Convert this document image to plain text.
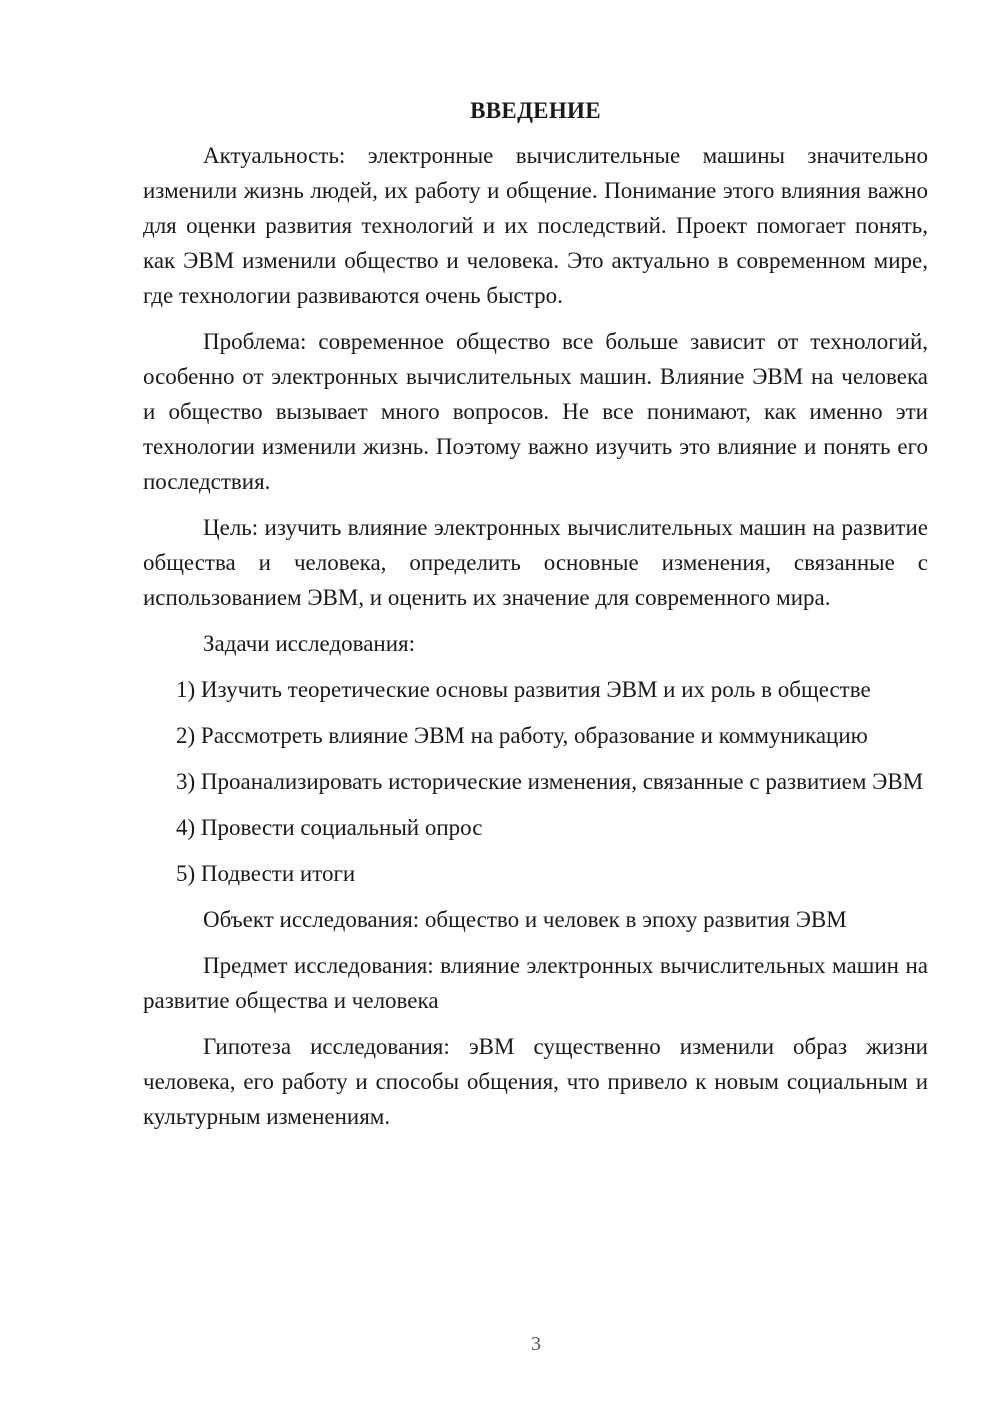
ВВЕДЕНИЕ

Актуальность: электронные вычислительные машины значительно изменили жизнь людей, их работу и общение. Понимание этого влияния важно для оценки развития технологий и их последствий. Проект помогает понять, как ЭВМ изменили общество и человека. Это актуально в современном мире, где технологии развиваются очень быстро.

Проблема: современное общество все больше зависит от технологий, особенно от электронных вычислительных машин. Влияние ЭВМ на человека и общество вызывает много вопросов. Не все понимают, как именно эти технологии изменили жизнь. Поэтому важно изучить это влияние и понять его последствия.

Цель: изучить влияние электронных вычислительных машин на развитие общества и человека, определить основные изменения, связанные с использованием ЭВМ, и оценить их значение для современного мира.

Задачи исследования:

1) Изучить теоретические основы развития ЭВМ и их роль в обществе

2) Рассмотреть влияние ЭВМ на работу, образование и коммуникацию

3) Проанализировать исторические изменения, связанные с развитием ЭВМ

4) Провести социальный опрос

5) Подвести итоги

Объект исследования: общество и человек в эпоху развития ЭВМ

Предмет исследования: влияние электронных вычислительных машин на развитие общества и человека

Гипотеза исследования: эВМ существенно изменили образ жизни человека, его работу и способы общения, что привело к новым социальным и культурным изменениям.

3
